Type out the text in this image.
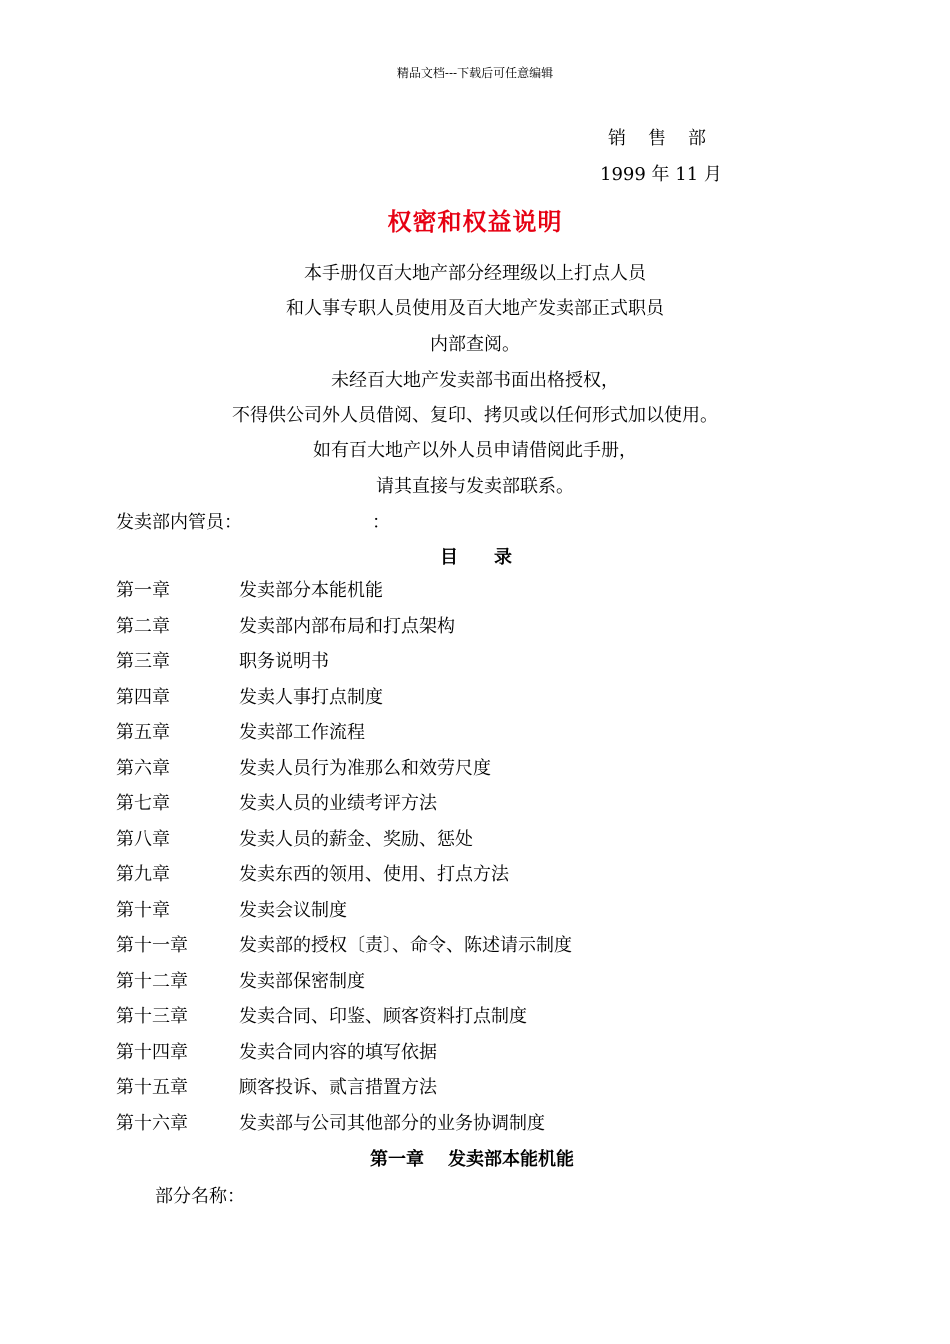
精品文档---下载后可任意编辑
销 售 部
1999 年 11 月
权密和权益说明
本手册仅百大地产部分经理级以上打点人员
和人事专职人员使用及百大地产发卖部正式职员
内部查阅。
未经百大地产发卖部书面出格授权，
不得供公司外人员借阅、复印、拷贝或以任何形式加以使用。
如有百大地产以外人员申请借阅此手册，
请其直接与发卖部联系。
发卖部内管员：	：
目 录
第一章	发卖部分本能机能
第二章	发卖部内部布局和打点架构
第三章	职务说明书
第四章	发卖人事打点制度
第五章	发卖部工作流程
第六章	发卖人员行为准那么和效劳尺度
第七章	发卖人员的业绩考评方法
第八章	发卖人员的薪金、奖励、惩处
第九章	发卖东西的领用、使用、打点方法
第十章	发卖会议制度
第十一章	发卖部的授权〔责〕、命令、陈述请示制度
第十二章	发卖部保密制度
第十三章	发卖合同、印鉴、顾客资料打点制度
第十四章	发卖合同内容的填写依据
第十五章	顾客投诉、贰言措置方法
第十六章	发卖部与公司其他部分的业务协调制度
第一章 发卖部本能机能
部分名称：
